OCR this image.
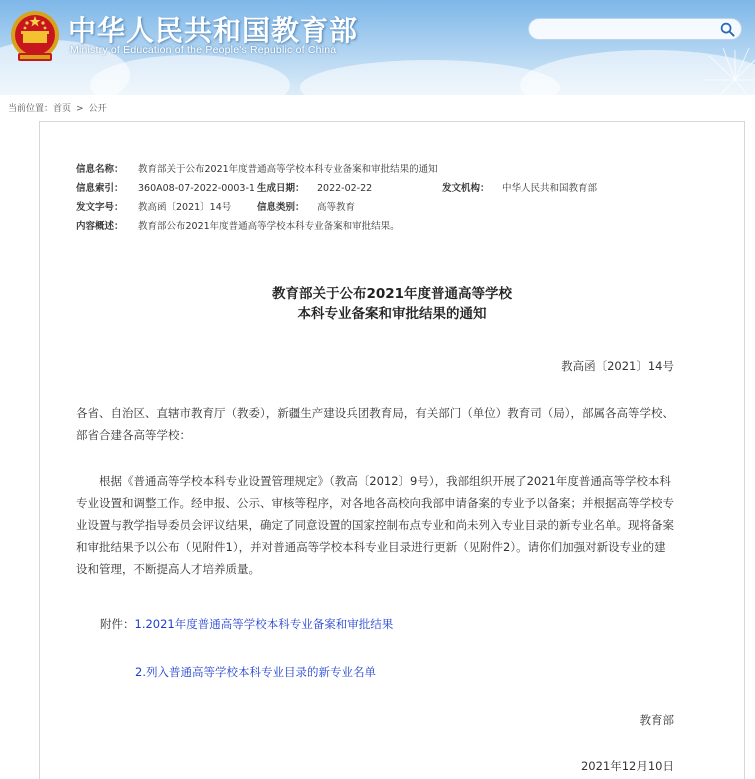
中华人民共和国教育部
Ministry of Education of the People's Republic of China
当前位置：首页 > 公开
信息名称： 教育部关于公布2021年度普通高等学校本科专业备案和审批结果的通知
信息索引： 360A08-07-2022-0003-1 生成日期： 2022-02-22	发文机构： 中华人民共和国教育部
发文字号： 教高函〔2021〕14号	信息类别： 高等教育
内容概述： 教育部公布2021年度普通高等学校本科专业备案和审批结果。
教育部关于公布2021年度普通高等学校
本科专业备案和审批结果的通知
教高函〔2021〕14号
各省、自治区、直辖市教育厅（教委），新疆生产建设兵团教育局，有关部门（单位）教育司（局），部属各高等学校、部省合建各高等学校：
根据《普通高等学校本科专业设置管理规定》（教高〔2012〕9号），我部组织开展了2021年度普通高等学校本科专业设置和调整工作。经申报、公示、审核等程序，对各地各高校向我部申请备案的专业予以备案；并根据高等学校专业设置与教学指导委员会评议结果，确定了同意设置的国家控制布点专业和尚未列入专业目录的新专业名单。现将备案和审批结果予以公布（见附件1），并对普通高等学校本科专业目录进行更新（见附件2）。请你们加强对新设专业的建设和管理，不断提高人才培养质量。
附件：1.2021年度普通高等学校本科专业备案和审批结果
2.列入普通高等学校本科专业目录的新专业名单
教育部
2021年12月10日
